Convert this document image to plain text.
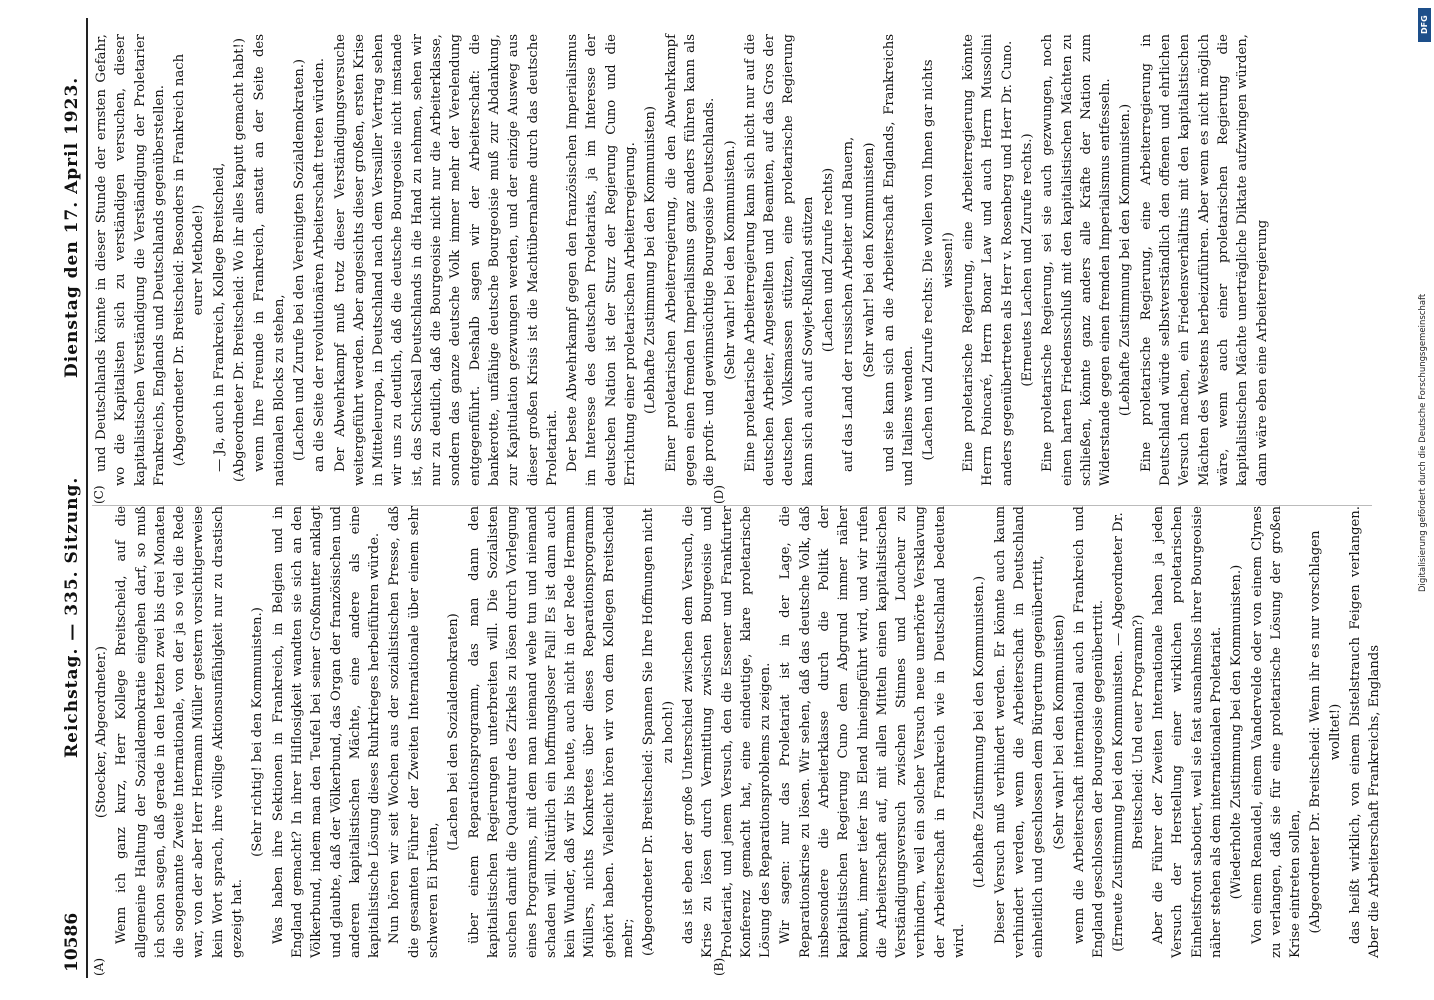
10586
Reichstag. — 335. Sitzung.
Dienstag den 17. April 1923.
(A)	(B)
(C)	(D)

(Stoecker, Abgeordneter.) Wenn ich ganz kurz, Herr Kollege Breitscheid, auf die allgemeine Haltung der Sozialdemokratie eingehen darf, so muß ich schon sagen, daß gerade in den letzten zwei bis drei Monaten die sogenannte Zweite Internationale, von der ja so viel die Rede war, von der aber Herr Hermann Müller gestern vorsichtigerweise kein Wort sprach, ihre völlige Aktionsunfähigkeit nur zu drastisch gezeigt hat.

(Sehr richtig! bei den Kommunisten.) Was haben ihre Sektionen in Frankreich, in Belgien und in England gemacht? In ihrer Hilflosigkeit wandten sie sich an den Völkerbund, indem man den Teufel bei seiner Großmutter anklagt und glaubte, daß der Völkerbund, das Organ der französischen und anderen kapitalistischen Mächte, eine andere als eine kapitalistische Lösung dieses Ruhrkrieges herbeiführen würde. Nun hören wir seit Wochen aus der sozialistischen Presse, daß die gesamten Führer der Zweiten Internationale über einem sehr schweren Ei brüten,

(Lachen bei den Sozialdemokraten) über einem Reparationsprogramm, das man dann den kapitalistischen Regierungen unterbreiten will. Die Sozialisten suchen damit die Quadratur des Zirkels zu lösen durch Vorlegung eines Programms, mit dem man niemand wehe tun und niemand schaden will. Natürlich ein hoffnungsloser Fall! Es ist dann auch kein Wunder, daß wir bis heute, auch nicht in der Rede Hermann Müllers, nichts Konkretes über dieses Reparationsprogramm gehört haben. Vielleicht hören wir von dem Kollegen Breitscheid mehr; (Abgeordneter Dr. Breitscheid: Spannen Sie Ihre Hoffnungen nicht zu hoch!) das ist eben der große Unterschied zwischen dem Versuch, die Krise zu lösen durch Vermittlung zwischen Bourgeoisie und Proletariat, und jenem Versuch, den die Essener und Frankfurter Konferenz gemacht hat, eine eindeutige, klare proletarische Lösung des Reparationsproblems zu zeigen. Wir sagen: nur das Proletariat ist in der Lage, die Reparationskrise zu lösen. Wir sehen, daß das deutsche Volk, daß insbesondere die Arbeiterklasse durch die Politik der kapitalistischen Regierung Cuno dem Abgrund immer näher kommt, immer tiefer ins Elend hineingeführt wird, und wir rufen die Arbeiterschaft auf, mit allen Mitteln einen kapitalistischen Verständigungsversuch zwischen Stinnes und Loucheur zu verhindern, weil ein solcher Versuch neue unerhörte Versklavung der Arbeiterschaft in Frankreich wie in Deutschland bedeuten wird.

(Lebhafte Zustimmung bei den Kommunisten.) Dieser Versuch muß verhindert werden. Er könnte auch kaum verhindert werden, wenn die Arbeiterschaft in Deutschland einheitlich und geschlossen dem Bürgertum gegenübertritt, (Sehr wahr! bei den Kommunisten) wenn die Arbeiterschaft international auch in Frankreich und England geschlossen der Bourgeoisie gegenübertritt. (Erneute Zustimmung bei den Kommunisten. — Abgeordneter Dr. Breitscheid: Und euer Programm?) Aber die Führer der Zweiten Internationale haben ja jeden Versuch der Herstellung einer wirklichen proletarischen Einheitsfront sabotiert, weil sie fast ausnahmslos ihrer Bourgeoisie näher stehen als dem internationalen Proletariat. (Wiederholte Zustimmung bei den Kommunisten.) Von einem Renaudel, einem Vandervelde oder von einem Clynes zu verlangen, daß sie für eine proletarische Lösung der großen Krise eintreten sollen, (Abgeordneter Dr. Breitscheid: Wenn ihr es nur vorschlagen wolltet!) das heißt wirklich, von einem Distelstrauch Feigen verlangen. Aber die Arbeiterschaft Frankreichs, Englands

und Deutschlands könnte in dieser Stunde der ernsten Gefahr, wo die Kapitalisten sich zu verständigen versuchen, dieser kapitalistischen Verständigung die Verständigung der Proletarier Frankreichs, Englands und Deutschlands gegenüberstellen. (Abgeordneter Dr. Breitscheid: Besonders in Frankreich nach eurer Methode!) — Ja, auch in Frankreich, Kollege Breitscheid, (Abgeordneter Dr. Breitscheid: Wo ihr alles kaputt gemacht habt!) wenn Ihre Freunde in Frankreich, anstatt an der Seite des nationalen Blocks zu stehen, (Lachen und Zurufe bei den Vereinigten Sozialdemokraten.) an die Seite der revolutionären Arbeiterschaft treten würden. Der Abwehrkampf muß trotz dieser Verständigungsversuche weitergeführt werden. Aber angesichts dieser großen, ersten Krise in Mitteleuropa, in Deutschland nach dem Versailler Vertrag sehen wir uns zu deutlich, daß die deutsche Bourgeoisie nicht imstande ist, das Schicksal Deutschlands in die Hand zu nehmen, sehen wir nur zu deutlich, daß die Bourgeoisie nicht nur die Arbeiterklasse, sondern das ganze deutsche Volk immer mehr der Verelendung entgegenführt. Deshalb sagen wir der Arbeiterschaft: die bankerotte, unfähige deutsche Bourgeoisie muß zur Abdankung, zur Kapitulation gezwungen werden, und der einzige Ausweg aus dieser großen Krisis ist die Machtübernahme durch das deutsche Proletariat. Der beste Abwehrkampf gegen den französischen Imperialismus im Interesse des deutschen Proletariats, ja im Interesse der deutschen Nation ist der Sturz der Regierung Cuno und die Errichtung einer proletarischen Arbeiterregierung. (Lebhafte Zustimmung bei den Kommunisten) Einer proletarischen Arbeiterregierung, die den Abwehrkampf gegen einen fremden Imperialismus ganz anders führen kann als die profit- und gewinnsüchtige Bourgeoisie Deutschlands. (Sehr wahr! bei den Kommunisten.) Eine proletarische Arbeiterregierung kann sich nicht nur auf die deutschen Arbeiter, Angestellten und Beamten, auf das Gros der deutschen Volksmassen stützen, eine proletarische Regierung kann sich auch auf Sowjet-Rußland stützen (Lachen und Zurufe rechts) auf das Land der russischen Arbeiter und Bauern, (Sehr wahr! bei den Kommunisten) und sie kann sich an die Arbeiterschaft Englands, Frankreichs und Italiens wenden. (Lachen und Zurufe rechts: Die wollen von Ihnen gar nichts wissen!) Eine proletarische Regierung, eine Arbeiterregierung könnte Herrn Poincaré, Herrn Bonar Law und auch Herrn Mussolini anders gegenübertreten als Herr v. Rosenberg und Herr Dr. Cuno. (Erneutes Lachen und Zurufe rechts.) Eine proletarische Regierung, sei sie auch gezwungen, noch einen harten Friedensschluß mit den kapitalistischen Mächten zu schließen, könnte ganz anders alle Kräfte der Nation zum Widerstande gegen einen fremden Imperialismus entfesseln. (Lebhafte Zustimmung bei den Kommunisten.) Eine proletarische Regierung, eine Arbeiterregierung in Deutschland würde selbstverständlich den offenen und ehrlichen Versuch machen, ein Friedensverhältnis mit den kapitalistischen Mächten des Westens herbeizuführen. Aber wenn es nicht möglich wäre, wenn auch einer proletarischen Regierung die kapitalistischen Mächte unerträgliche Diktate aufzwingen würden, dann wäre eben eine Arbeiterregierung

DFG
Digitalisierung gefördert durch die Deutsche Forschungsgemeinschaft
